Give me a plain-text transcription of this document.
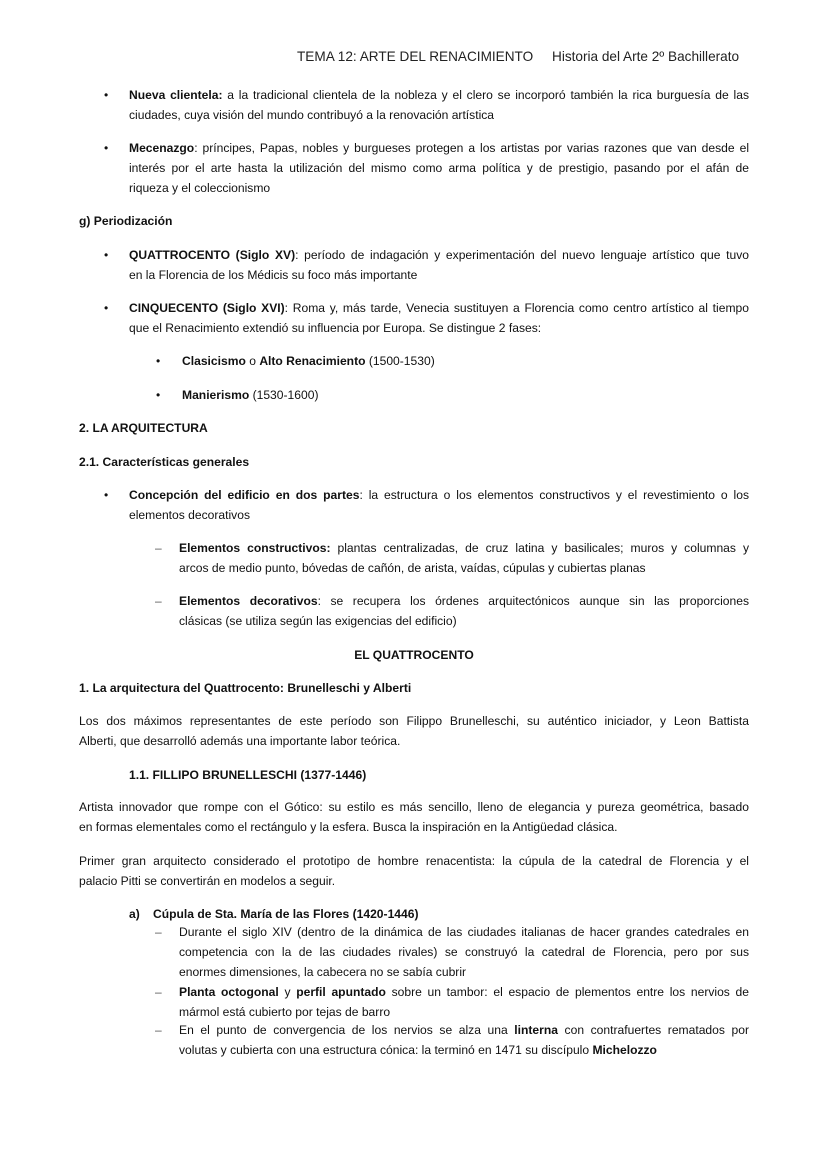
TEMA 12: ARTE DEL RENACIMIENTO Historia del Arte 2º Bachillerato
• Nueva clientela: a la tradicional clientela de la nobleza y el clero se incorporó también la rica burguesía de las
ciudades, cuya visión del mundo contribuyó a la renovación artística
• Mecenazgo: príncipes, Papas, nobles y burgueses protegen a los artistas por varias razones que van desde el
interés por el arte hasta la utilización del mismo como arma política y de prestigio, pasando por el afán de
riqueza y el coleccionismo
g) Periodización
• QUATTROCENTO (Siglo XV): período de indagación y experimentación del nuevo lenguaje artístico que tuvo
en la Florencia de los Médicis su foco más importante
• CINQUECENTO (Siglo XVI): Roma y, más tarde, Venecia sustituyen a Florencia como centro artístico al tiempo
que el Renacimiento extendió su influencia por Europa. Se distingue 2 fases:
• Clasicismo o Alto Renacimiento (1500-1530)
• Manierismo (1530-1600)
2. LA ARQUITECTURA
2.1. Características generales
• Concepción del edificio en dos partes: la estructura o los elementos constructivos y el revestimiento o los
elementos decorativos
– Elementos constructivos: plantas centralizadas, de cruz latina y basilicales; muros y columnas y
arcos de medio punto, bóvedas de cañón, de arista, vaídas, cúpulas y cubiertas planas
– Elementos decorativos: se recupera los órdenes arquitectónicos aunque sin las proporciones
clásicas (se utiliza según las exigencias del edificio)
EL QUATTROCENTO
1. La arquitectura del Quattrocento: Brunelleschi y Alberti
Los dos máximos representantes de este período son Filippo Brunelleschi, su auténtico iniciador, y Leon Battista
Alberti, que desarrolló además una importante labor teórica.
1.1. FILLIPO BRUNELLESCHI (1377-1446)
Artista innovador que rompe con el Gótico: su estilo es más sencillo, lleno de elegancia y pureza geométrica, basado
en formas elementales como el rectángulo y la esfera. Busca la inspiración en la Antigüedad clásica.
Primer gran arquitecto considerado el prototipo de hombre renacentista: la cúpula de la catedral de Florencia y el
palacio Pitti se convertirán en modelos a seguir.
a) Cúpula de Sta. María de las Flores (1420-1446)
– Durante el siglo XIV (dentro de la dinámica de las ciudades italianas de hacer grandes catedrales en
competencia con la de las ciudades rivales) se construyó la catedral de Florencia, pero por sus
enormes dimensiones, la cabecera no se sabía cubrir
– Planta octogonal y perfil apuntado sobre un tambor: el espacio de plementos entre los nervios de
mármol está cubierto por tejas de barro
– En el punto de convergencia de los nervios se alza una linterna con contrafuertes rematados por
volutas y cubierta con una estructura cónica: la terminó en 1471 su discípulo Michelozzo
